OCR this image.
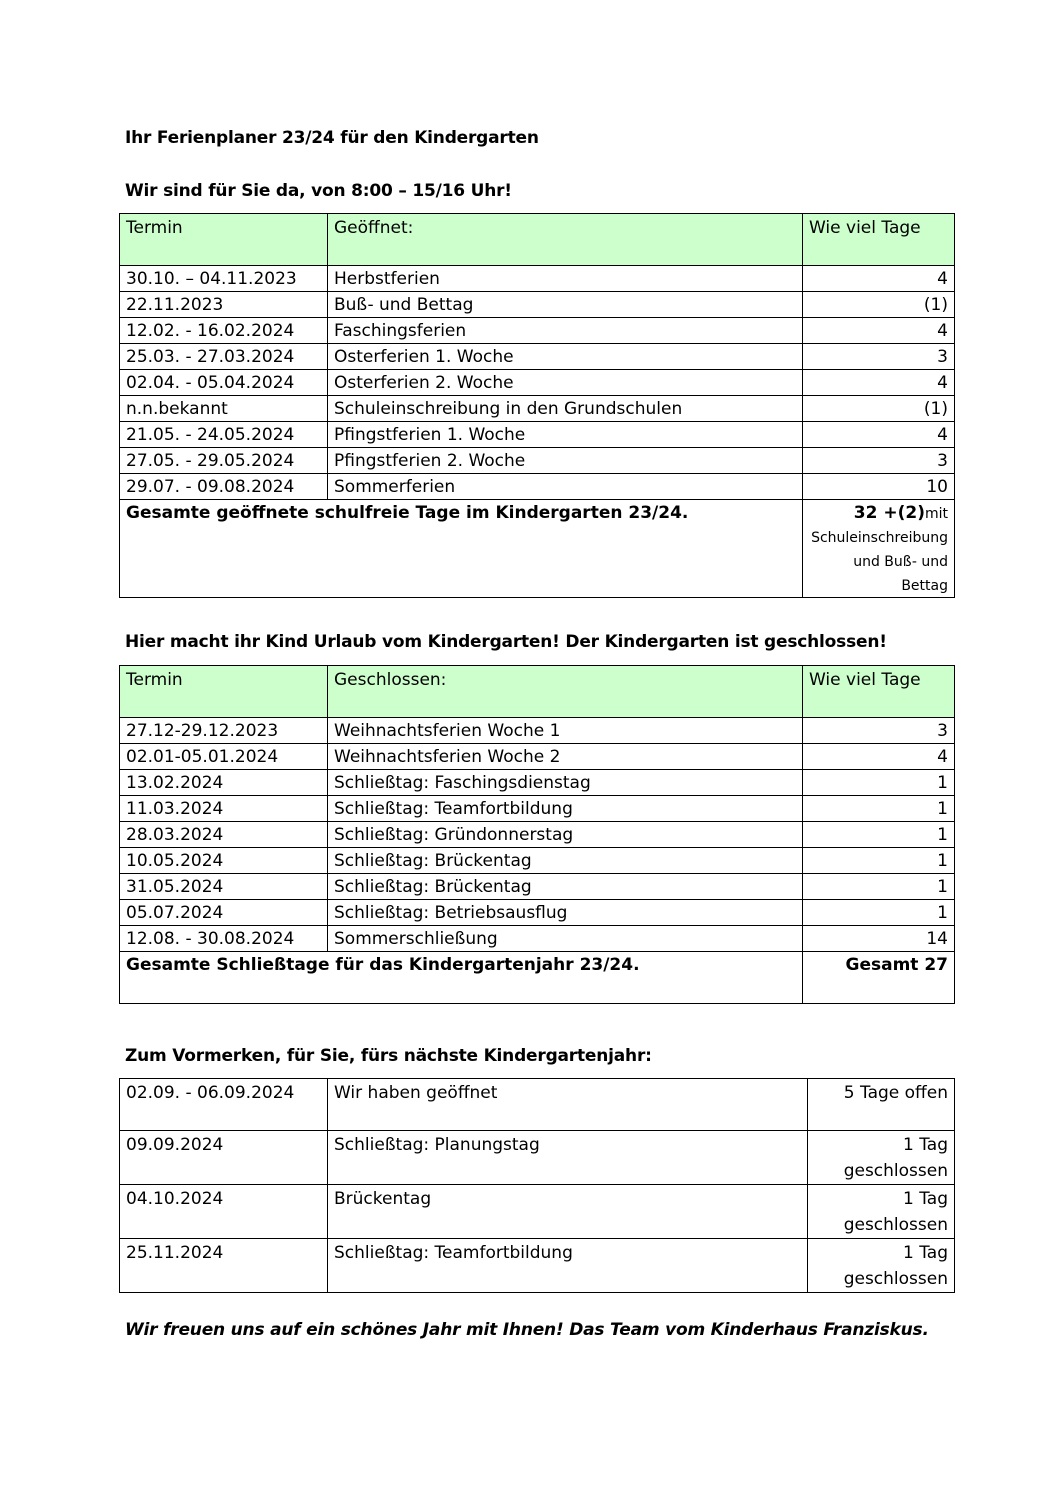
Ihr Ferienplaner 23/24 für den Kindergarten
Wir sind für Sie da, von 8:00 – 15/16 Uhr!
Termin	Geöffnet:	Wie viel Tage
30.10. – 04.11.2023	Herbstferien	4
22.11.2023	Buß- und Bettag	(1)
12.02. - 16.02.2024	Faschingsferien	4
25.03. - 27.03.2024	Osterferien 1. Woche	3
02.04. - 05.04.2024	Osterferien 2. Woche	4
n.n.bekannt	Schuleinschreibung in den Grundschulen	(1)
21.05. - 24.05.2024	Pfingstferien 1. Woche	4
27.05. - 29.05.2024	Pfingstferien 2. Woche	3
29.07. - 09.08.2024	Sommerferien	10
Gesamte geöffnete schulfreie Tage im Kindergarten 23/24.		32 +(2)mit Schuleinschreibung und Buß- und Bettag
Hier macht ihr Kind Urlaub vom Kindergarten! Der Kindergarten ist geschlossen!
Termin	Geschlossen:	Wie viel Tage
27.12-29.12.2023	Weihnachtsferien Woche 1	3
02.01-05.01.2024	Weihnachtsferien Woche 2	4
13.02.2024	Schließtag: Faschingsdienstag	1
11.03.2024	Schließtag: Teamfortbildung	1
28.03.2024	Schließtag: Gründonnerstag	1
10.05.2024	Schließtag: Brückentag	1
31.05.2024	Schließtag: Brückentag	1
05.07.2024	Schließtag: Betriebsausflug	1
12.08. - 30.08.2024	Sommerschließung	14
Gesamte Schließtage für das Kindergartenjahr 23/24.		Gesamt 27
Zum Vormerken, für Sie, fürs nächste Kindergartenjahr:
02.09. - 06.09.2024	Wir haben geöffnet	5 Tage offen
09.09.2024	Schließtag: Planungstag	1 Tag geschlossen
04.10.2024	Brückentag	1 Tag geschlossen
25.11.2024	Schließtag: Teamfortbildung	1 Tag geschlossen
Wir freuen uns auf ein schönes Jahr mit Ihnen! Das Team vom Kinderhaus Franziskus.
